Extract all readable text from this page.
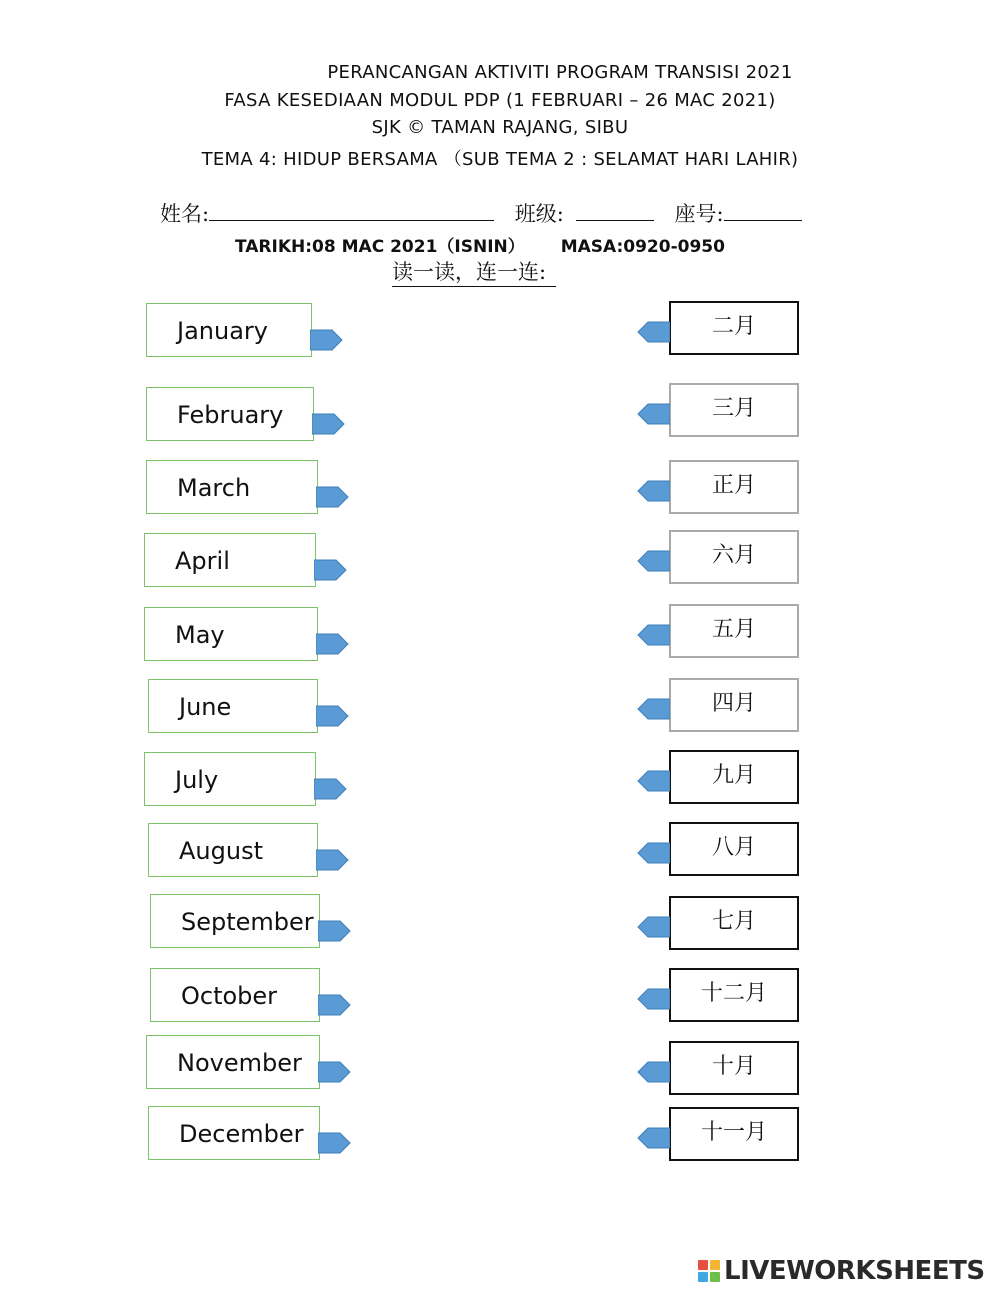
PERANCANGAN AKTIVITI PROGRAM TRANSISI 2021
FASA KESEDIAAN MODUL PDP (1 FEBRUARI – 26 MAC 2021)
SJK © TAMAN RAJANG, SIBU
TEMA 4: HIDUP BERSAMA （SUB TEMA 2 : SELAMAT HARI LAHIR)
姓名:	班级:	座号:
TARIKH:08 MAC 2021（ISNIN） MASA:0920-0950
读一读，连一连:
January
February
March
April
May
June
July
August
September
October
November
December
二月
三月
正月
六月
五月
四月
九月
八月
七月
十二月
十月
十一月
LIVEWORKSHEETS
